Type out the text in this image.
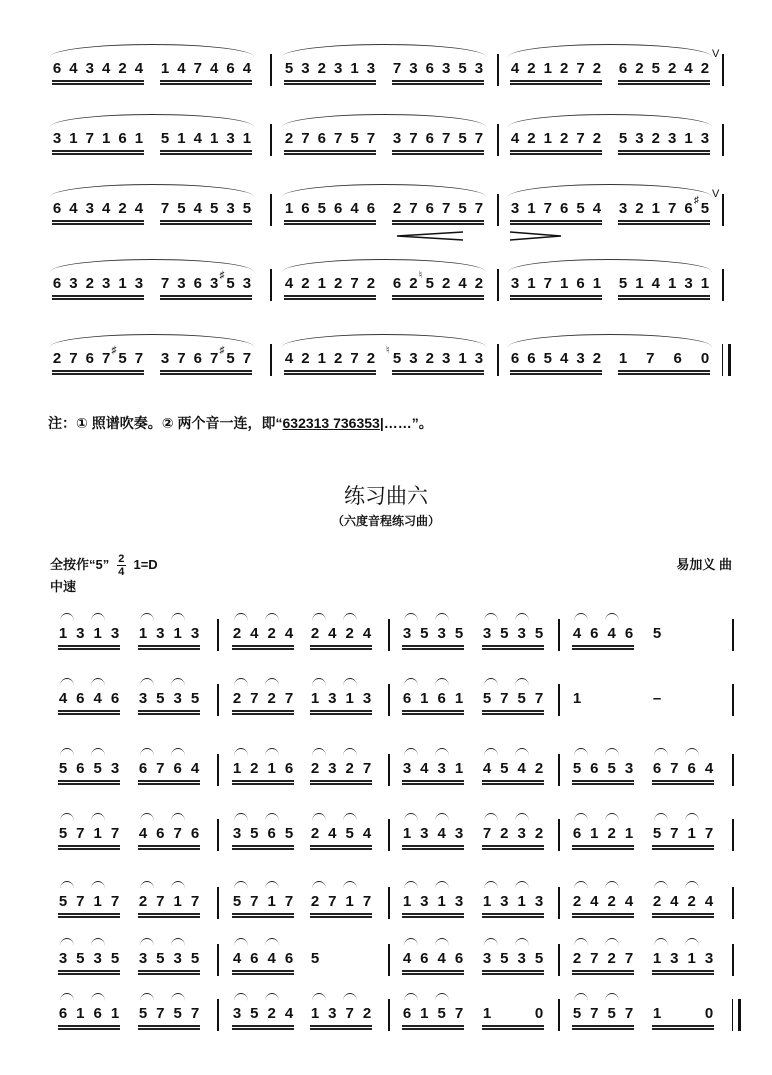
6 4 3 4 2 4 1 4 7 4 6 4 5 3 2 3 1 3 7 3 6 3 5 3 4 2 1 2 7 2 6 2 5 2 4 2
V
3 1 7 1 6 1 5 1 4 1 3 1 2 7 6 7 5 7 3 7 6 7 5 7 4 2 1 2 7 2 5 3 2 3 1 3
6 4 3 4 2 4 7 5 4 5 3 5 1 6 5 6 4 6 2 7 6 7 5 7 3 1 7 6 5 4 3 2 1 7 6 5
♯
V
6 3 2 3 1 3 7 3 6 3 5
♯ 3 4 2 1 2 7 2 6 2 5
♮ 2 4 2 3 1 7 1 6 1 5 1 4 1 3 1
2 7 6 7 5
♯ 7 3 7 6 7 5
♯ 7 4 2 1 2 7 2 5
♮ 3 2 3 1 3 6 6 5 4 3 2 1 7 6 0
1 3 1 3 1 3 1 3 2 4 2 4 2 4 2 4 3 5 3 5 3 5 3 5 4 6 4 6 5
4 6 4 6 3 5 3 5 2 7 2 7 1 3 1 3 6 1 6 1 5 7 5 7 1	–
5 6 5 3 6 7 6 4 1 2 1 6 2 3 2 7 3 4 3 1 4 5 4 2 5 6 5 3 6 7 6 4
5 7 1 7 4 6 7 6 3 5 6 5 2 4 5 4 1 3 4 3 7 2 3 2 6 1 2 1 5 7 1 7
5 7 1 7 2 7 1 7 5 7 1 7 2 7 1 7 1 3 1 3 1 3 1 3 2 4 2 4 2 4 2 4
3 5 3 5 3 5 3 5 4 6 4 6 5	4 6 4 6 3 5 3 5 2 7 2 7 1 3 1 3
6 1 6 1 5 7 5 7 3 5 2 4 1 3 7 2 6 1 5 7 1	0 5 7 5 7 1	0
注：① 照谱吹奏。② 两个音一连，即“632313 736353|……”。
练习曲六
（六度音程练习曲）
全按作“5” $\frac{2}{4} 1=D$
中速
易加义 曲
